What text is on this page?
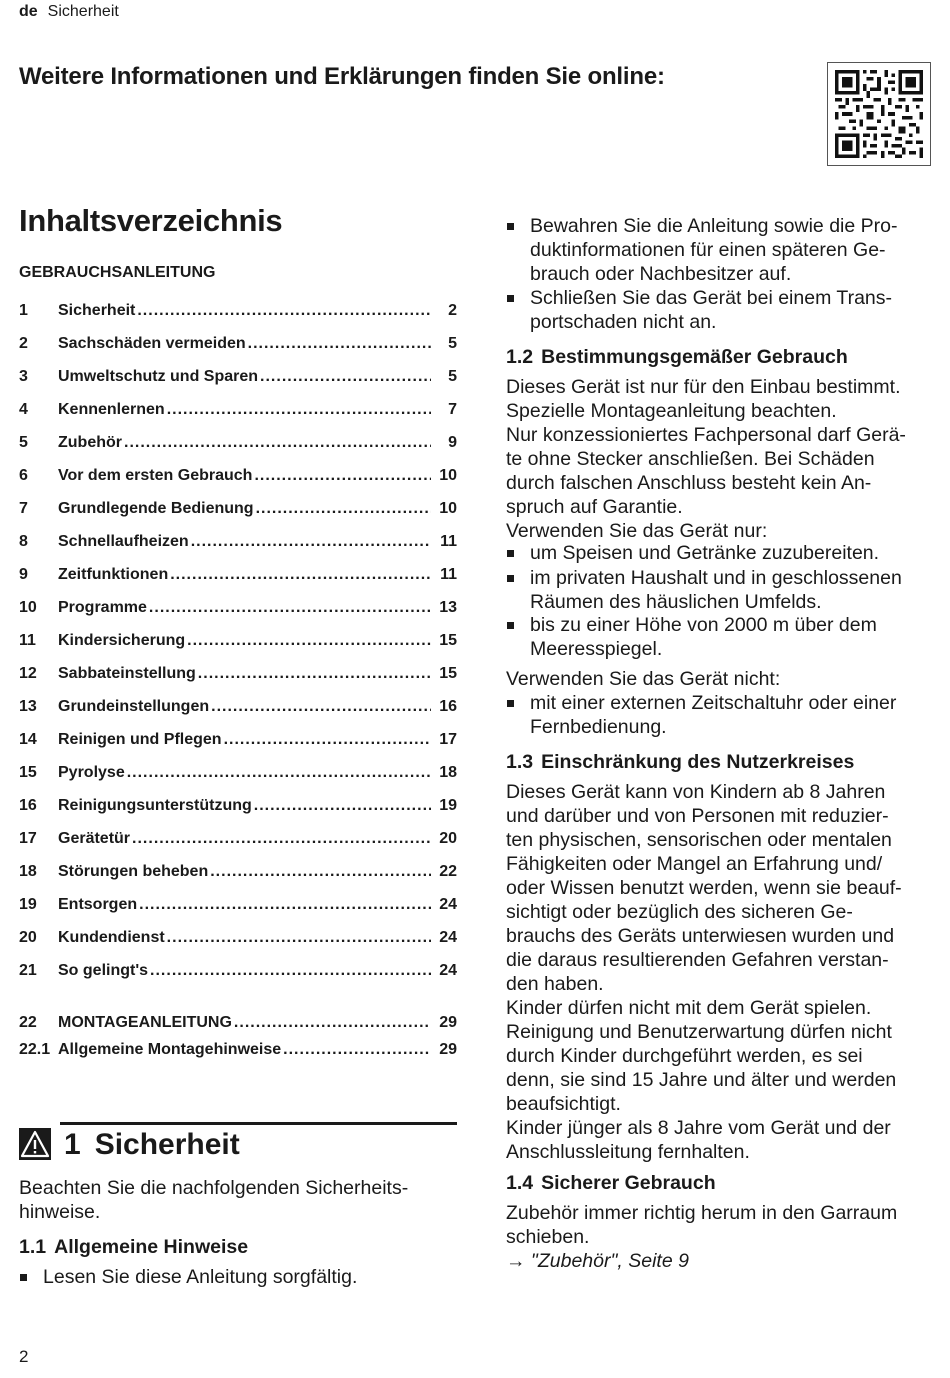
de Sicherheit
Weitere Informationen und Erklärungen finden Sie online:
Inhaltsverzeichnis
GEBRAUCHSANLEITUNG
1	Sicherheit .....	2
2	Sachschäden vermeiden .....	5
3	Umweltschutz und Sparen .....	5
4	Kennenlernen .....	7
5	Zubehör .....	9
6	Vor dem ersten Gebrauch .....	10
7	Grundlegende Bedienung .....	10
8	Schnellaufheizen .....	11
9	Zeitfunktionen .....	11
10	Programme .....	13
11	Kindersicherung .....	15
12	Sabbateinstellung .....	15
13	Grundeinstellungen .....	16
14	Reinigen und Pflegen .....	17
15	Pyrolyse .....	18
16	Reinigungsunterstützung .....	19
17	Gerätetür .....	20
18	Störungen beheben .....	22
19	Entsorgen .....	24
20	Kundendienst .....	24
21	So gelingt's .....	24
22	MONTAGEANLEITUNG .....	29
22.1 Allgemeine Montagehinweise .....	29
1 Sicherheit
Beachten Sie die nachfolgenden Sicherheits-
hinweise.
1.1 Allgemeine Hinweise
Lesen Sie diese Anleitung sorgfältig.
Bewahren Sie die Anleitung sowie die Pro-
duktinformationen für einen späteren Ge-
brauch oder Nachbesitzer auf.
Schließen Sie das Gerät bei einem Trans-
portschaden nicht an.
1.2 Bestimmungsgemäßer Gebrauch
Dieses Gerät ist nur für den Einbau bestimmt.
Spezielle Montageanleitung beachten.
Nur konzessioniertes Fachpersonal darf Gerä-
te ohne Stecker anschließen. Bei Schäden
durch falschen Anschluss besteht kein An-
spruch auf Garantie.
Verwenden Sie das Gerät nur:
um Speisen und Getränke zuzubereiten.
im privaten Haushalt und in geschlossenen
Räumen des häuslichen Umfelds.
bis zu einer Höhe von 2000 m über dem
Meeresspiegel.
Verwenden Sie das Gerät nicht:
mit einer externen Zeitschaltuhr oder einer
Fernbedienung.
1.3 Einschränkung des Nutzerkreises
Dieses Gerät kann von Kindern ab 8 Jahren
und darüber und von Personen mit reduzier-
ten physischen, sensorischen oder mentalen
Fähigkeiten oder Mangel an Erfahrung und/
oder Wissen benutzt werden, wenn sie beauf-
sichtigt oder bezüglich des sicheren Ge-
brauchs des Geräts unterwiesen wurden und
die daraus resultierenden Gefahren verstan-
den haben.
Kinder dürfen nicht mit dem Gerät spielen.
Reinigung und Benutzerwartung dürfen nicht
durch Kinder durchgeführt werden, es sei
denn, sie sind 15 Jahre und älter und werden
beaufsichtigt.
Kinder jünger als 8 Jahre vom Gerät und der
Anschlussleitung fernhalten.
1.4 Sicherer Gebrauch
Zubehör immer richtig herum in den Garraum
schieben.
→ "Zubehör", Seite 9
2
